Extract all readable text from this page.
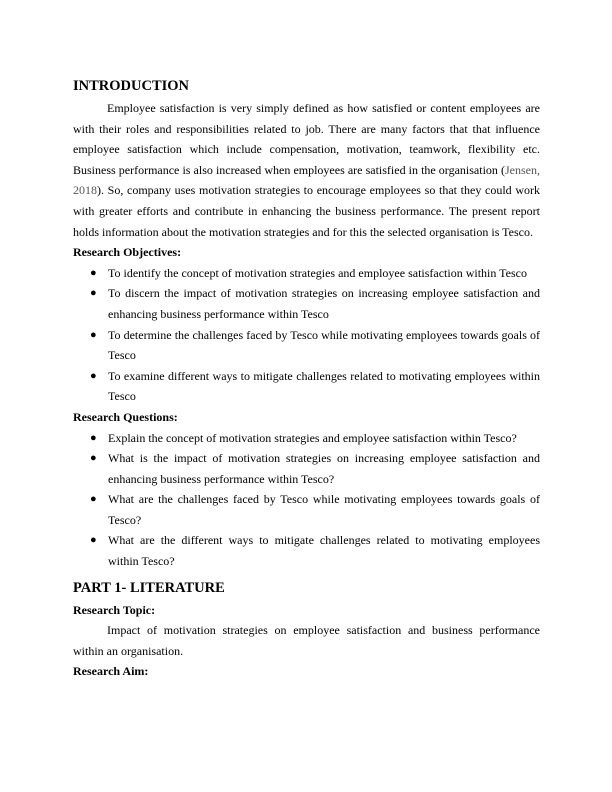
INTRODUCTION

Employee satisfaction is very simply defined as how satisfied or content employees are with their roles and responsibilities related to job. There are many factors that that influence employee satisfaction which include compensation, motivation, teamwork, flexibility etc. Business performance is also increased when employees are satisfied in the organisation (Jensen, 2018). So, company uses motivation strategies to encourage employees so that they could work with greater efforts and contribute in enhancing the business performance. The present report holds information about the motivation strategies and for this the selected organisation is Tesco.

Research Objectives:
● To identify the concept of motivation strategies and employee satisfaction within Tesco
● To discern the impact of motivation strategies on increasing employee satisfaction and enhancing business performance within Tesco
● To determine the challenges faced by Tesco while motivating employees towards goals of Tesco
● To examine different ways to mitigate challenges related to motivating employees within Tesco
Research Questions:
● Explain the concept of motivation strategies and employee satisfaction within Tesco?
● What is the impact of motivation strategies on increasing employee satisfaction and enhancing business performance within Tesco?
● What are the challenges faced by Tesco while motivating employees towards goals of Tesco?
● What are the different ways to mitigate challenges related to motivating employees within Tesco?
PART 1- LITERATURE
Research Topic:

Impact of motivation strategies on employee satisfaction and business performance within an organisation.

Research Aim:
